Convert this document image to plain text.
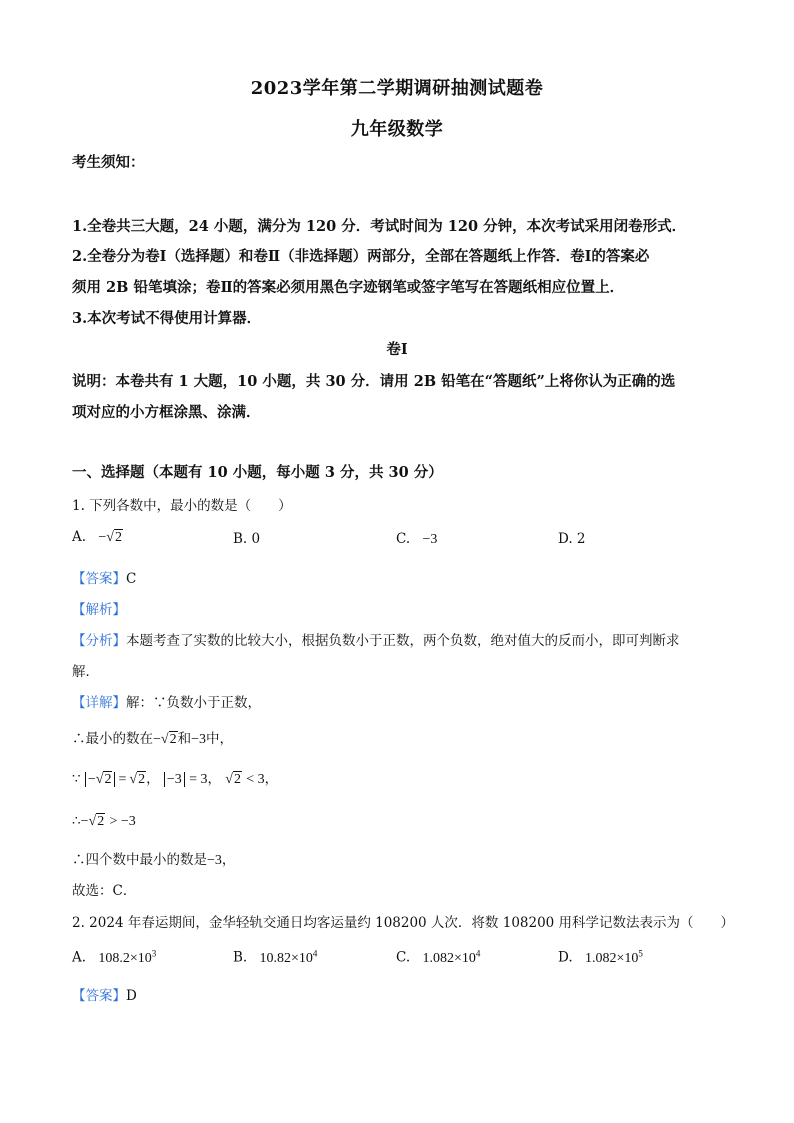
2023学年第二学期调研抽测试题卷
九年级数学
考生须知：
1.全卷共三大题，24 小题，满分为 120 分．考试时间为 120 分钟，本次考试采用闭卷形式．
2.全卷分为卷Ⅰ（选择题）和卷Ⅱ（非选择题）两部分，全部在答题纸上作答．卷Ⅰ的答案必
须用 2B 铅笔填涂；卷Ⅱ的答案必须用黑色字迹钢笔或签字笔写在答题纸相应位置上．
3.本次考试不得使用计算器．
卷Ⅰ
说明：本卷共有 1 大题，10 小题，共 30 分．请用 2B 铅笔在“答题纸”上将你认为正确的选
项对应的小方框涂黑、涂满．
一、选择题（本题有 10 小题，每小题 3 分，共 30 分）
1. 下列各数中，最小的数是（　　）
A. −√2	B. 0	C. −3	D. 2
【答案】C
【解析】
【分析】本题考查了实数的比较大小，根据负数小于正数，两个负数，绝对值大的反而小，即可判断求
解．
【详解】解：∵负数小于正数，
∴最小的数在−√2和−3中，
∵ −√2 = √2， −3 = 3， √2 < 3，
∴−√2 > −3
∴四个数中最小的数是−3，
故选：C．
2. 2024 年春运期间，金华轻轨交通日均客运量约 108200 人次．将数 108200 用科学记数法表示为（　　）
A. $108.2\times 10^3$	B. $10.82\times 10^4$	C. $1.082\times 10^4$	D. $1.082\times 10^5$
【答案】D
